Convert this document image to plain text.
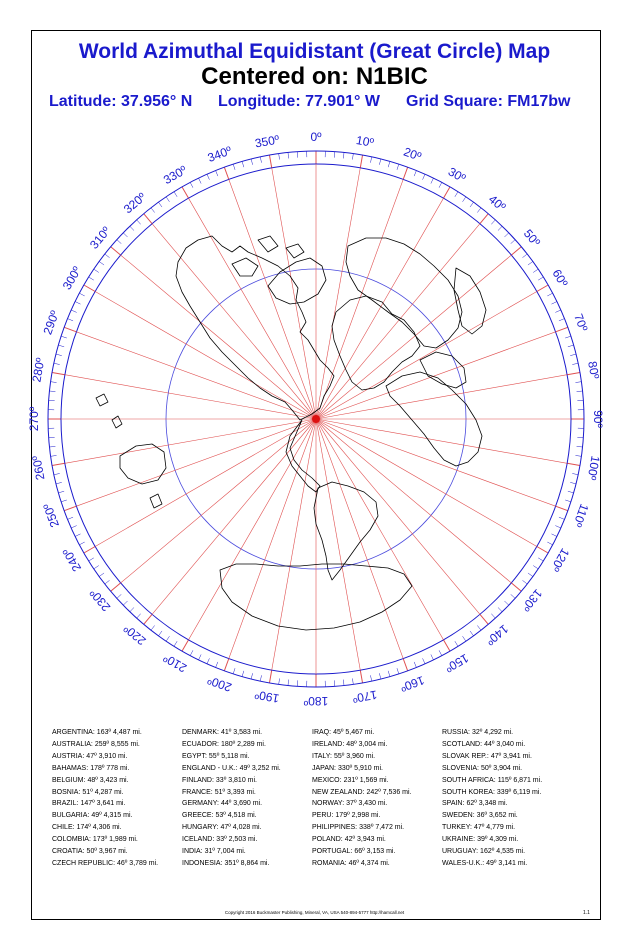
World Azimuthal Equidistant (Great Circle) Map
Centered on: N1BIC
Latitude: 37.956° N Longitude: 77.901° W Grid Square: FM17bw
0º	10º
20º
30º
40º
50º
60º
70º
80º
90º
100º
110º
120º
130º
140º
150º
160º
170º
180º
190º
200º
210º
220º
230º
240º
250º
260º
270º
280º
290º
300º
310º
320º
330º
340º
350º
ARGENTINA: 163º 4,487 mi.
AUSTRALIA: 259º 8,555 mi.
AUSTRIA: 47º 3,910 mi.
BAHAMAS: 178º 778 mi.
BELGIUM: 48º 3,423 mi.
BOSNIA: 51º 4,287 mi.
BRAZIL: 147º 3,641 mi.
BULGARIA: 49º 4,315 mi.
CHILE: 174º 4,306 mi.
COLOMBIA: 173º 1,989 mi.
CROATIA: 50º 3,967 mi.
CZECH REPUBLIC: 46º 3,789 mi.
DENMARK: 41º 3,583 mi.
ECUADOR: 180º 2,289 mi.
EGYPT: 55º 5,118 mi.
ENGLAND - U.K.: 49º 3,252 mi.
FINLAND: 33º 3,810 mi.
FRANCE: 51º 3,393 mi.
GERMANY: 44º 3,690 mi.
GREECE: 53º 4,518 mi.
HUNGARY: 47º 4,028 mi.
ICELAND: 33º 2,503 mi.
INDIA: 31º 7,004 mi.
INDONESIA: 351º 8,864 mi.
IRAQ: 45º 5,467 mi.
IRELAND: 48º 3,004 mi.
ITALY: 55º 3,960 mi.
JAPAN: 330º 5,910 mi.
MEXICO: 231º 1,569 mi.
NEW ZEALAND: 242º 7,536 mi.
NORWAY: 37º 3,430 mi.
PERU: 179º 2,998 mi.
PHILIPPINES: 338º 7,472 mi.
POLAND: 42º 3,943 mi.
PORTUGAL: 66º 3,153 mi.
ROMANIA: 46º 4,374 mi.
RUSSIA: 32º 4,292 mi.
SCOTLAND: 44º 3,040 mi.
SLOVAK REP.: 47º 3,941 mi.
SLOVENIA: 50º 3,904 mi.
SOUTH AFRICA: 115º 6,871 mi.
SOUTH KOREA: 339º 6,119 mi.
SPAIN: 62º 3,348 mi.
SWEDEN: 36º 3,652 mi.
TURKEY: 47º 4,779 mi.
UKRAINE: 39º 4,309 mi.
URUGUAY: 162º 4,535 mi.
WALES-U.K.: 49º 3,141 mi.
Copyright 2016 Buckmaster Publishing, Mineral, VA, USA 540-894-5777 http://hamcall.net	1.1
